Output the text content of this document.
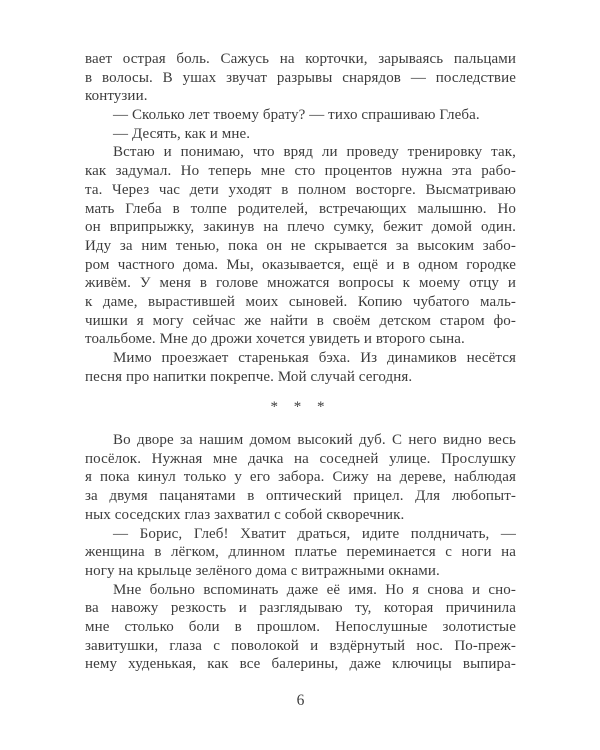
вает острая боль. Сажусь на корточки, зарываясь пальцами
в волосы. В ушах звучат разрывы снарядов — последствие
контузии.
— Сколько лет твоему брату? — тихо спрашиваю Глеба.
— Десять, как и мне.
Встаю и понимаю, что вряд ли проведу тренировку так,
как задумал. Но теперь мне сто процентов нужна эта рабо-
та. Через час дети уходят в полном восторге. Высматриваю
мать Глеба в толпе родителей, встречающих малышню. Но
он вприпрыжку, закинув на плечо сумку, бежит домой один.
Иду за ним тенью, пока он не скрывается за высоким забо-
ром частного дома. Мы, оказывается, ещё и в одном городке
живём. У меня в голове множатся вопросы к моему отцу и
к даме, вырастившей моих сыновей. Копию чубатого маль-
чишки я могу сейчас же найти в своём детском старом фо-
тоальбоме. Мне до дрожи хочется увидеть и второго сына.
Мимо проезжает старенькая бэха. Из динамиков несётся
песня про напитки покрепче. Мой случай сегодня.
* * *
Во дворе за нашим домом высокий дуб. С него видно весь
посёлок. Нужная мне дачка на соседней улице. Прослушку
я пока кинул только у его забора. Сижу на дереве, наблюдая
за двумя пацанятами в оптический прицел. Для любопыт-
ных соседских глаз захватил с собой скворечник.
— Борис, Глеб! Хватит драться, идите полдничать, —
женщина в лёгком, длинном платье переминается с ноги на
ногу на крыльце зелёного дома с витражными окнами.
Мне больно вспоминать даже её имя. Но я снова и сно-
ва навожу резкость и разглядываю ту, которая причинила
мне столько боли в прошлом. Непослушные золотистые
завитушки, глаза с поволокой и вздёрнутый нос. По-преж-
нему худенькая, как все балерины, даже ключицы выпира-
6
